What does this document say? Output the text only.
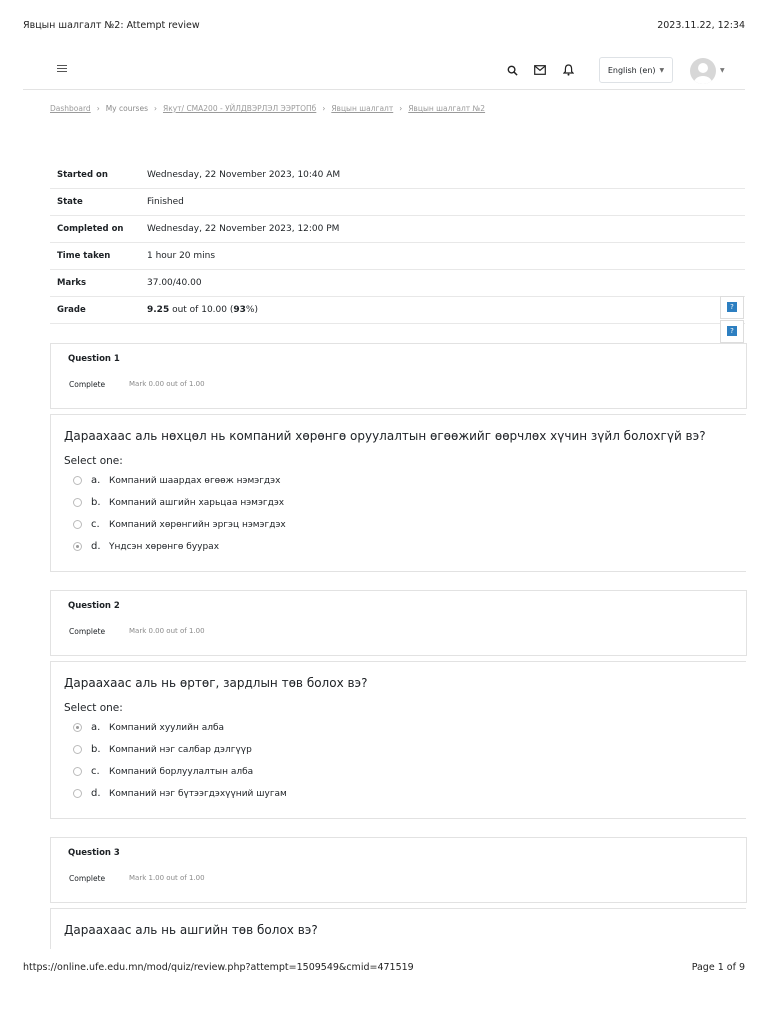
Явцын шалгалт №2: Attempt review	2023.11.22, 12:34
English (en) ▼	▼
Dashboard › My courses › Якут/ СМА200 - УЙЛДВЭРЛЭЛ ЭЭРТОПб › Явцын шалгалт › Явцын шалгалт №2
Started on	Wednesday, 22 November 2023, 10:40 AM
State	Finished
Completed on	Wednesday, 22 November 2023, 12:00 PM
Time taken	1 hour 20 mins
Marks	37.00/40.00
Grade	9.25 out of 10.00 (93%)	?
?
Question 1
Complete	Mark 0.00 out of 1.00
Дараахаас аль нөхцөл нь компаний хөрөнгө оруулалтын өгөөжийг өөрчлөх хүчин зүйл болохгүй вэ?
Select one:
a. Компаний шаардах өгөөж нэмэгдэх
b. Компаний ашгийн харьцаа нэмэгдэх
c.	Компаний хөрөнгийн эргэц нэмэгдэх
d. Үндсэн хөрөнгө буурах
Question 2
Complete	Mark 0.00 out of 1.00
Дараахаас аль нь өртөг, зардлын төв болох вэ?
Select one:
a. Компаний хуулийн алба
b. Компаний нэг салбар дэлгүүр
c.	Компаний борлуулалтын алба
d. Компаний нэг бүтээгдэхүүний шугам
Question 3
Complete	Mark 1.00 out of 1.00
Дараахаас аль нь ашгийн төв болох вэ?
https://online.ufe.edu.mn/mod/quiz/review.php?attempt=1509549&cmid=471519	Page 1 of 9
